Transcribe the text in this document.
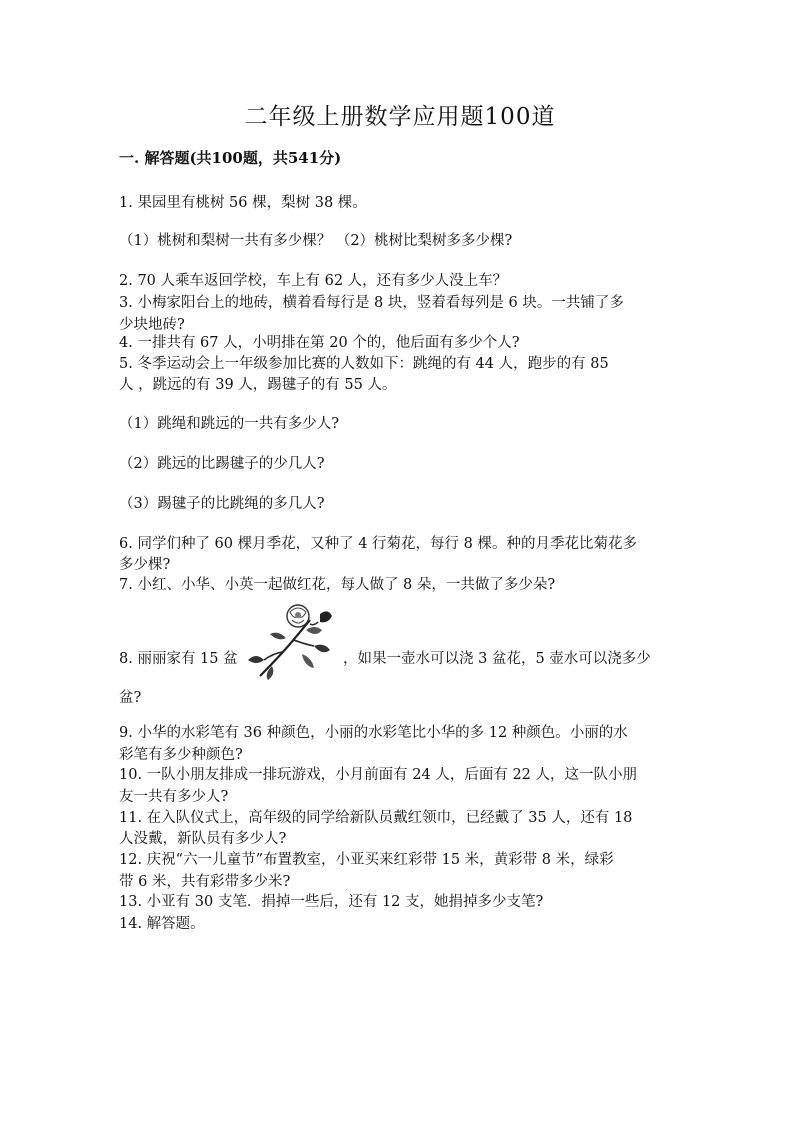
二年级上册数学应用题100道
一. 解答题(共100题，共541分)
1. 果园里有桃树 56 棵，梨树 38 棵。
（1）桃树和梨树一共有多少棵？ （2）桃树比梨树多多少棵?
2. 70 人乘车返回学校，车上有 62 人，还有多少人没上车？
3. 小梅家阳台上的地砖，横着看每行是 8 块，竖着看每列是 6 块。一共铺了多
少块地砖?
4. 一排共有 67 人，小明排在第 20 个的，他后面有多少个人?
5. 冬季运动会上一年级参加比赛的人数如下：跳绳的有 44 人，跑步的有 85
人 ，跳远的有 39 人，踢毽子的有 55 人。
（1）跳绳和跳远的一共有多少人?
（2）跳远的比踢毽子的少几人?
（3）踢毽子的比跳绳的多几人?
6. 同学们种了 60 棵月季花，又种了 4 行菊花，每行 8 棵。种的月季花比菊花多
多少棵?
7. 小红、小华、小英一起做红花，每人做了 8 朵，一共做了多少朵?
8. 丽丽家有 15 盆	，如果一壶水可以浇 3 盆花，5 壶水可以浇多少
盆?
9. 小华的水彩笔有 36 种颜色，小丽的水彩笔比小华的多 12 种颜色。小丽的水
彩笔有多少种颜色?
10. 一队小朋友排成一排玩游戏，小月前面有 24 人，后面有 22 人，这一队小朋
友一共有多少人?
11. 在入队仪式上，高年级的同学给新队员戴红领巾，已经戴了 35 人，还有 18
人没戴，新队员有多少人?
12. 庆祝“六一儿童节”布置教室，小亚买来红彩带 15 米，黄彩带 8 米，绿彩
带 6 米，共有彩带多少米?
13. 小亚有 30 支笔．捐掉一些后，还有 12 支，她捐掉多少支笔?
14. 解答题。
